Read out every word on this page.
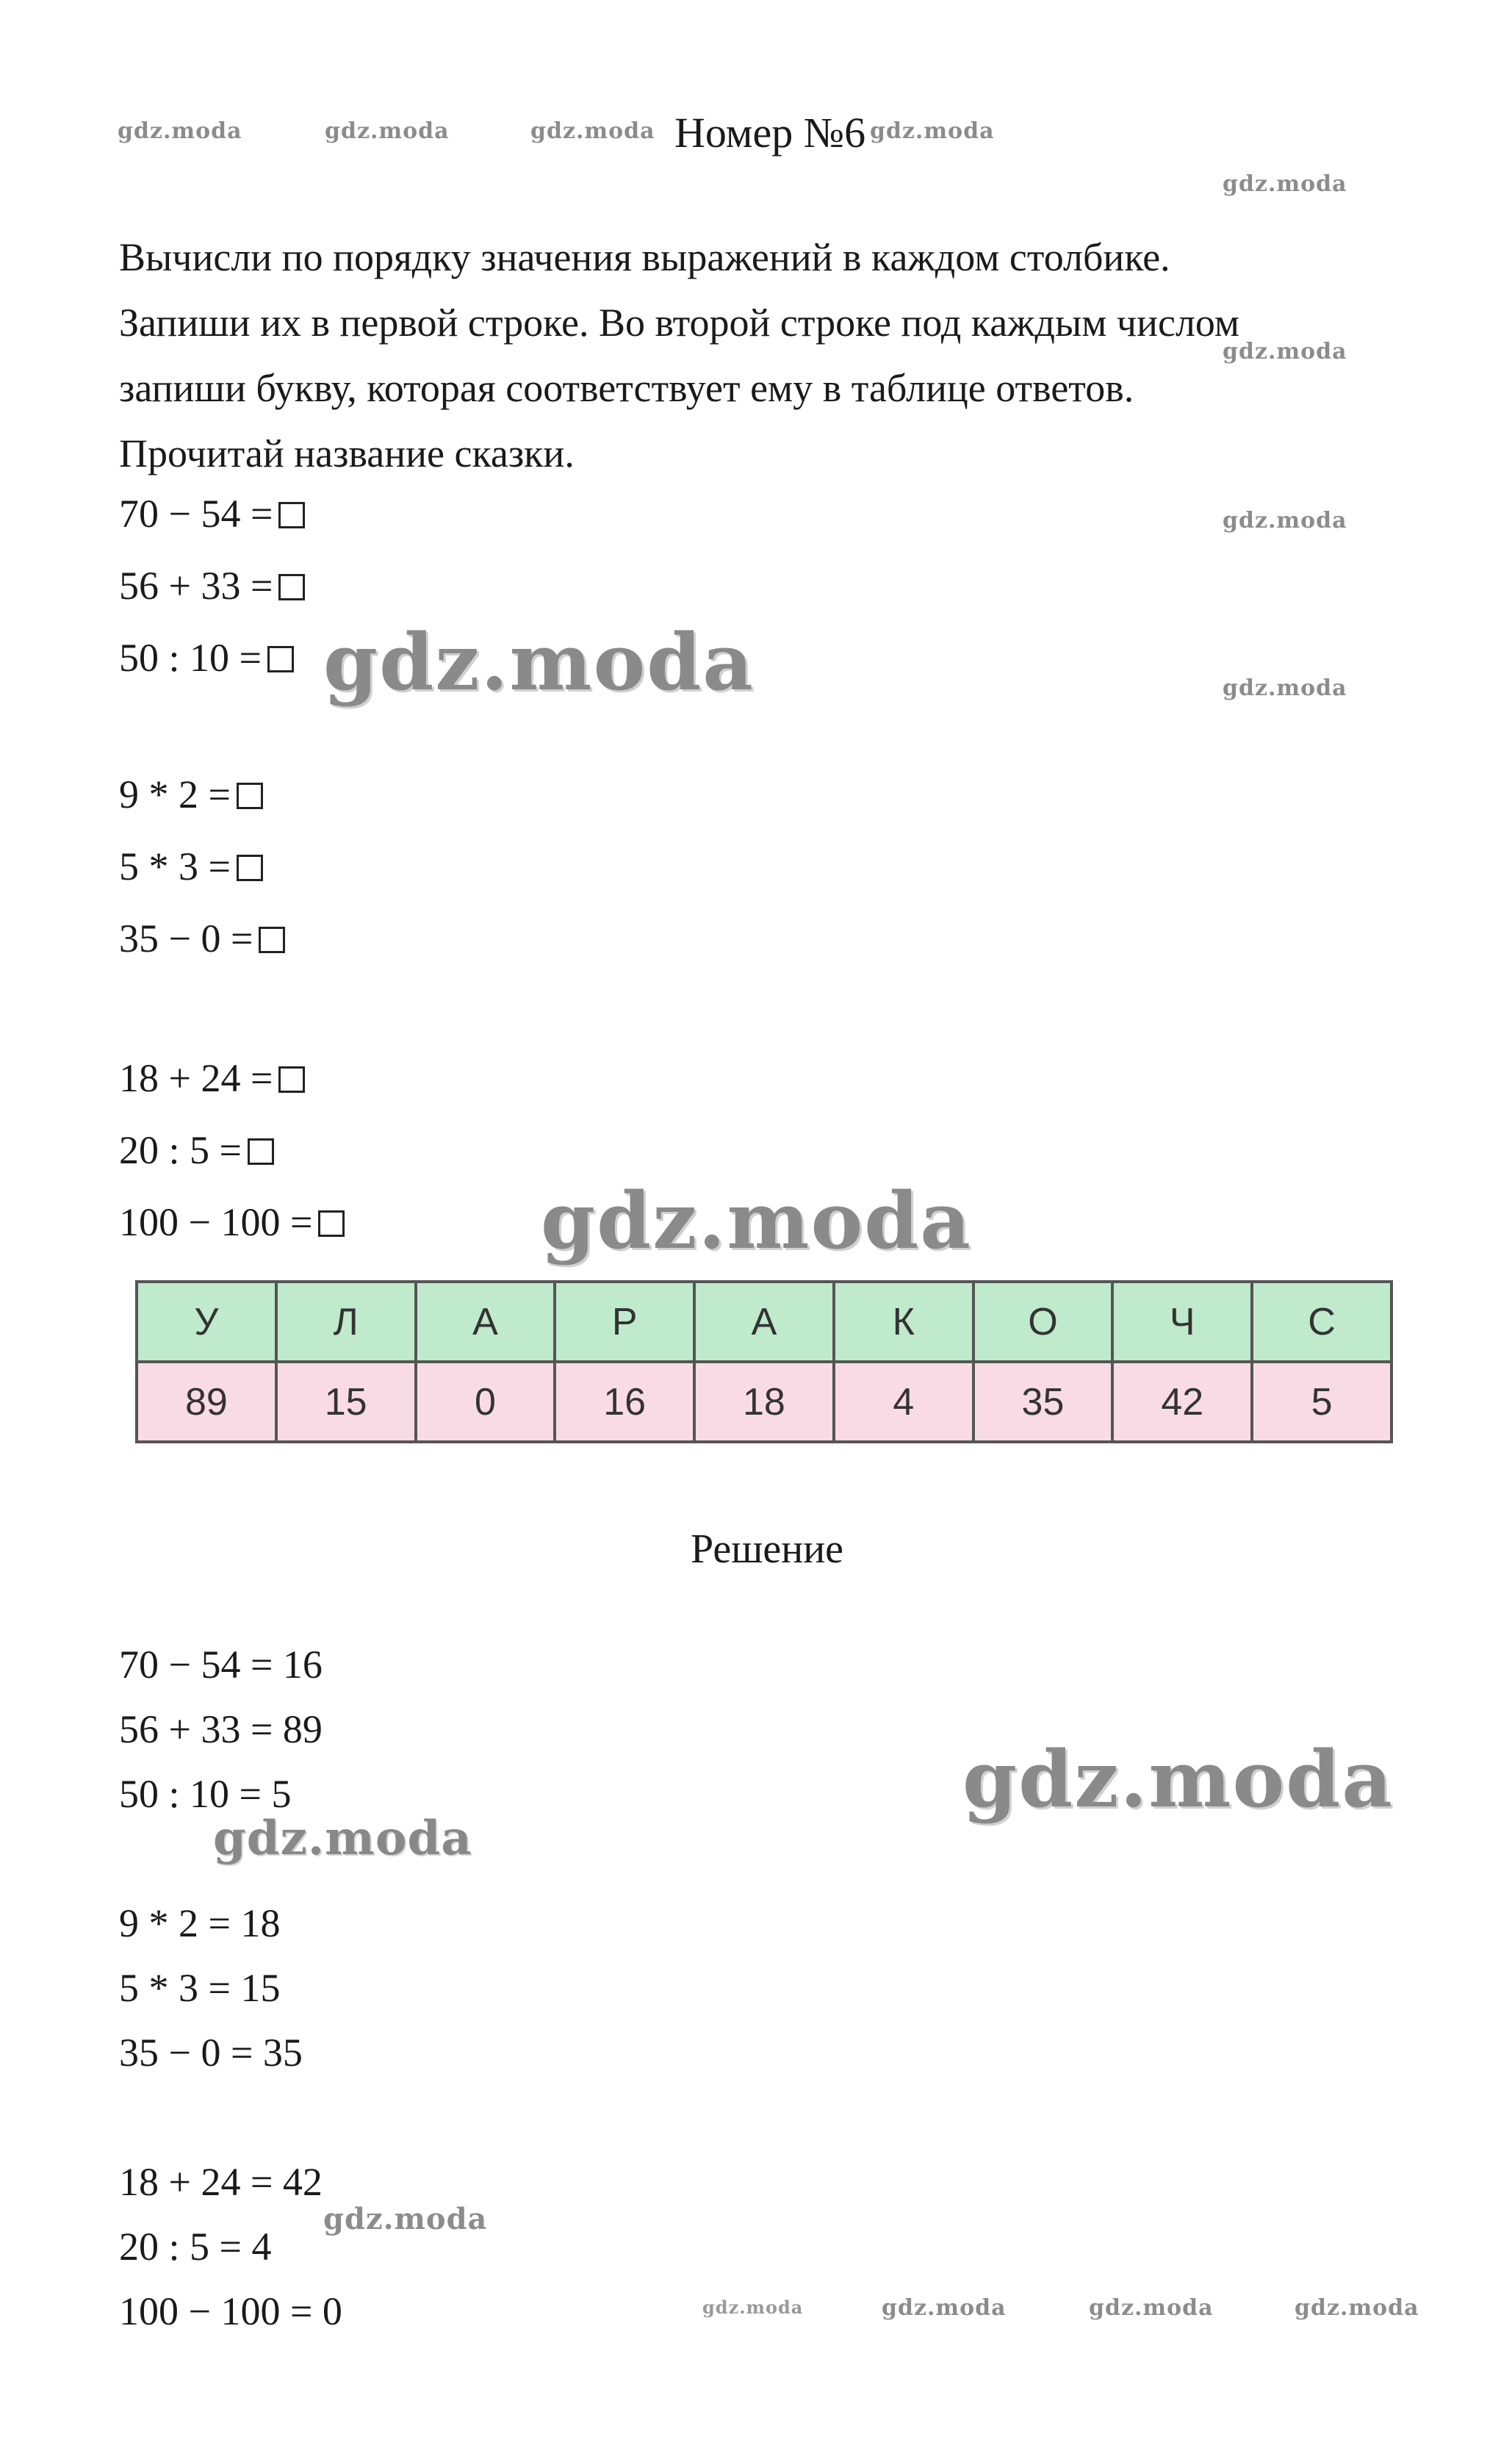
gdz.moda	gdz.moda	gdz.moda	gdz.moda
gdz.moda
gdz.moda
gdz.moda
gdz.moda
Номер №6

Вычисли по порядку значения выражений в каждом столбике.

Запиши их в первой строке. Во второй строке под каждым числом

запиши букву, которая соответствует ему в таблице ответов.

Прочитай название сказки.

70 − 54 =
56 + 33 =
50 : 10 =
9 * 2 =
5 * 3 =
35 − 0 =
18 + 24 =
20 : 5 =
100 − 100 =
gdz.moda
gdz.moda
У	Л	А	Р	А	К	О	Ч	С
89	15	0	16	18	4	35	42	5
Решение
70 − 54 = 16
56 + 33 = 89
50 : 10 = 5
9 * 2 = 18
5 * 3 = 15
35 − 0 = 35
18 + 24 = 42
20 : 5 = 4
100 − 100 = 0
gdz.moda
gdz.moda
gdz.moda
gdz.moda	gdz.moda	gdz.moda	gdz.moda
